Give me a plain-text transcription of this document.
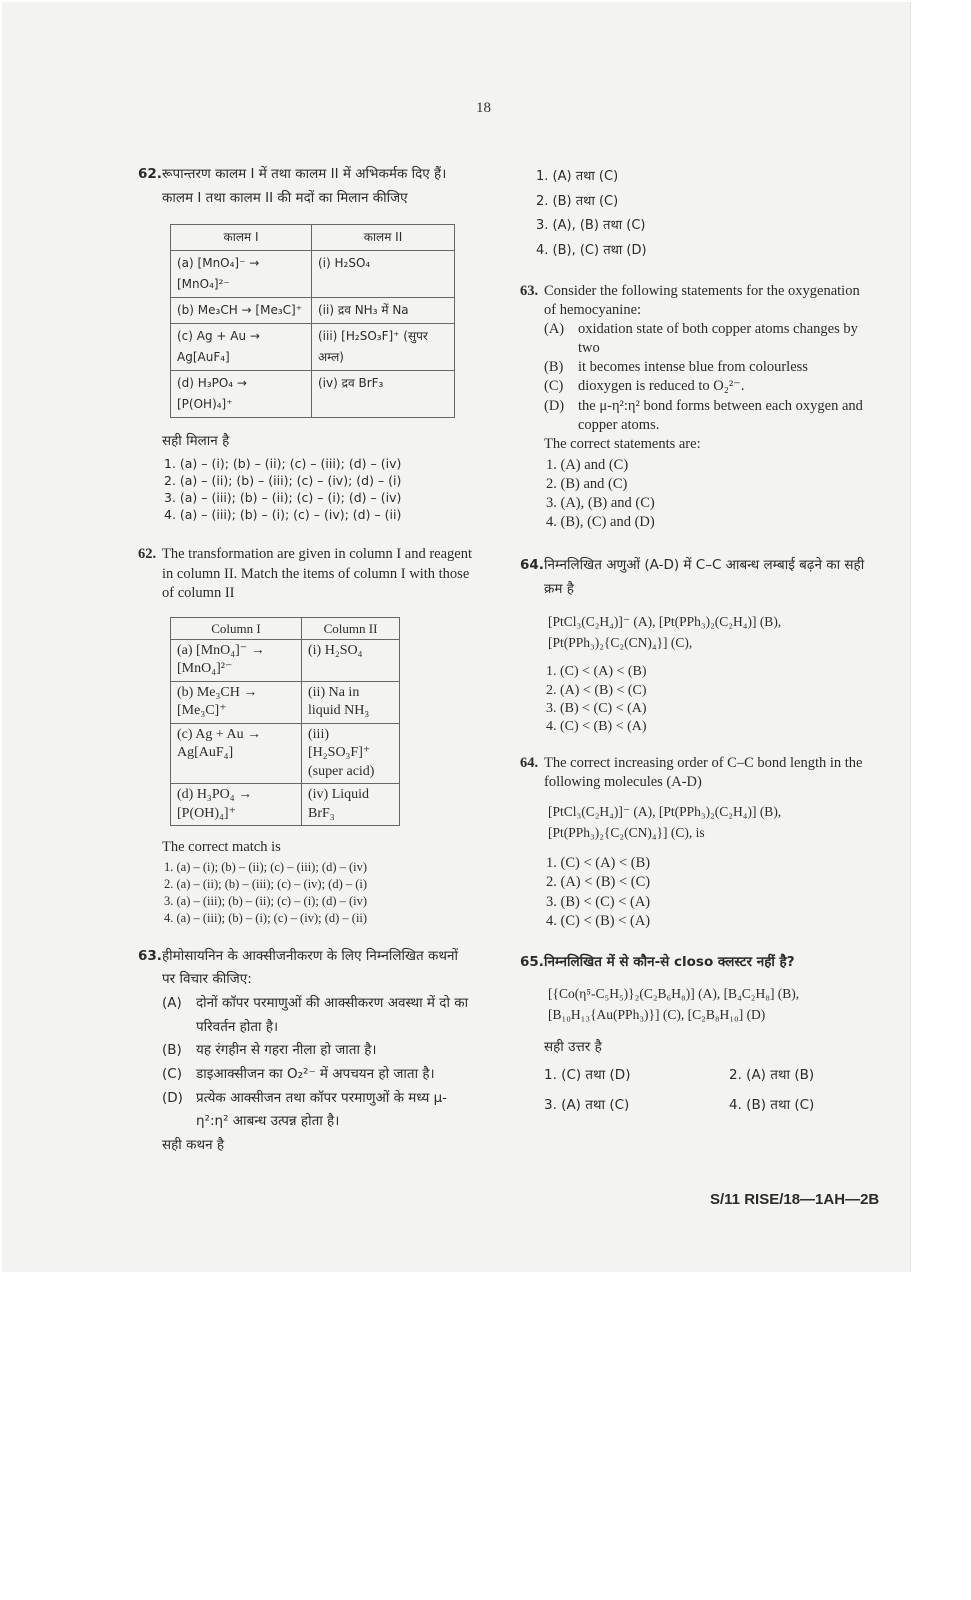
18
62. रूपान्तरण कालम I में तथा कालम II में अभिकर्मक दिए हैं। कालम I तथा कालम II की मदों का मिलान कीजिए
कालम I	कालम II
(a) [MnO₄]⁻ → [MnO₄]²⁻	(i) H₂SO₄
(b) Me₃CH → [Me₃C]⁺	(ii) द्रव NH₃ में Na
(c) Ag + Au → Ag[AuF₄]	(iii) [H₂SO₃F]⁺ (सुपर अम्ल)
(d) H₃PO₄ → [P(OH)₄]⁺	(iv) द्रव BrF₃
सही मिलान है
1. (a) – (i); (b) – (ii); (c) – (iii); (d) – (iv)
2. (a) – (ii); (b) – (iii); (c) – (iv); (d) – (i)
3. (a) – (iii); (b) – (ii); (c) – (i); (d) – (iv)
4. (a) – (iii); (b) – (i); (c) – (iv); (d) – (ii)
62. The transformation are given in column I and reagent in column II. Match the items of column I with those of column II
Column I	Column II
(a) [MnO₄]⁻ → [MnO₄]²⁻	(i) H₂SO₄
(b) Me₃CH → [Me₃C]⁺	(ii) Na in liquid NH₃
(c) Ag + Au → Ag[AuF₄]	(iii) [H₂SO₃F]⁺ (super acid)
(d) H₃PO₄ → [P(OH)₄]⁺	(iv) Liquid BrF₃
The correct match is
1. (a) – (i); (b) – (ii); (c) – (iii); (d) – (iv)
2. (a) – (ii); (b) – (iii); (c) – (iv); (d) – (i)
3. (a) – (iii); (b) – (ii); (c) – (i); (d) – (iv)
4. (a) – (iii); (b) – (i); (c) – (iv); (d) – (ii)
63. हीमोसायनिन के आक्सीजनीकरण के लिए निम्नलिखित कथनों पर विचार कीजिए:
(A) दोनों कॉपर परमाणुओं की आक्सीकरण अवस्था में दो का परिवर्तन होता है।
(B) यह रंगहीन से गहरा नीला हो जाता है।
(C) डाइआक्सीजन का O₂²⁻ में अपचयन हो जाता है।
(D) प्रत्येक आक्सीजन तथा कॉपर परमाणुओं के मध्य μ-η²:η² आबन्ध उत्पन्न होता है।
सही कथन है
1. (A) तथा (C)
2. (B) तथा (C)
3. (A), (B) तथा (C)
4. (B), (C) तथा (D)
63. Consider the following statements for the oxygenation of hemocyanine:
(A) oxidation state of both copper atoms changes by two
(B) it becomes intense blue from colourless
(C) dioxygen is reduced to O₂²⁻.
(D) the μ-η²:η² bond forms between each oxygen and copper atoms.
The correct statements are:
1. (A) and (C)
2. (B) and (C)
3. (A), (B) and (C)
4. (B), (C) and (D)
64. निम्नलिखित अणुओं (A-D) में C–C आबन्ध लम्बाई बढ़ने का सही क्रम है
[PtCl₃(C₂H₄)]⁻ (A), [Pt(PPh₃)₂(C₂H₄)] (B),
[Pt(PPh₃)₂{C₂(CN)₄}] (C),
1. (C) < (A) < (B)
2. (A) < (B) < (C)
3. (B) < (C) < (A)
4. (C) < (B) < (A)
64. The correct increasing order of C–C bond length in the following molecules (A-D)
[PtCl₃(C₂H₄)]⁻ (A), [Pt(PPh₃)₂(C₂H₄)] (B),
[Pt(PPh₃)₂{C₂(CN)₄}] (C), is
1. (C) < (A) < (B)
2. (A) < (B) < (C)
3. (B) < (C) < (A)
4. (C) < (B) < (A)
65. निम्नलिखित में से कौन-से closo क्लस्टर नहीं है?
[{Co(η⁵-C₅H₅)}₂(C₂B₆H₈)] (A), [B₄C₂H₈] (B),
[B₁₀H₁₃{Au(PPh₃)}] (C), [C₂B₈H₁₀] (D)
सही उत्तर है
1. (C) तथा (D)	2. (A) तथा (B)
3. (A) तथा (C)	4. (B) तथा (C)
S/11 RISE/18—1AH—2B
